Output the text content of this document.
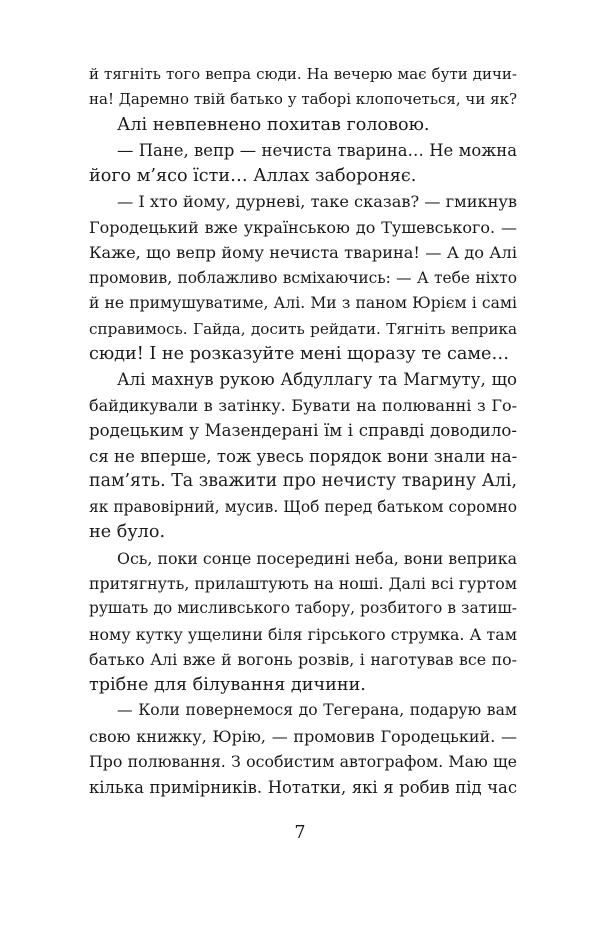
й тягніть того вепра сюди. На вечерю має бути дичи-
на! Даремно твій батько у таборі клопочеться, чи як?
Алі невпевнено похитав головою.
— Пане, вепр — нечиста тварина… Не можна
його м’ясо їсти… Аллах забороняє.
— І хто йому, дурневі, таке сказав? — гмикнув
Городецький вже українською до Тушевського. —
Каже, що вепр йому нечиста тварина! — А до Алі
промовив, поблажливо всміхаючись: — А тебе ніхто
й не примушуватиме, Алі. Ми з паном Юрієм і самі
справимось. Гайда, досить рейдати. Тягніть веприка
сюди! І не розказуйте мені щоразу те саме…
Алі махнув рукою Абдуллагу та Магмуту, що
байдикували в затінку. Бувати на полюванні з Го-
родецьким у Мазендерані їм і справді доводило-
ся не вперше, тож увесь порядок вони знали на-
пам’ять. Та зважити про нечисту тварину Алі,
як правовірний, мусив. Щоб перед батьком соромно
не було.
Ось, поки сонце посередині неба, вони веприка
притягнуть, прилаштують на ноші. Далі всі гуртом
рушать до мисливського табору, розбитого в затиш-
ному кутку ущелини біля гірського струмка. А там
батько Алі вже й вогонь розвів, і наготував все по-
трібне для білування дичини.
— Коли повернемося до Тегерана, подарую вам
свою книжку, Юрію, — промовив Городецький. —
Про полювання. З особистим автографом. Маю ще
кілька примірників. Нотатки, які я робив під час
7
